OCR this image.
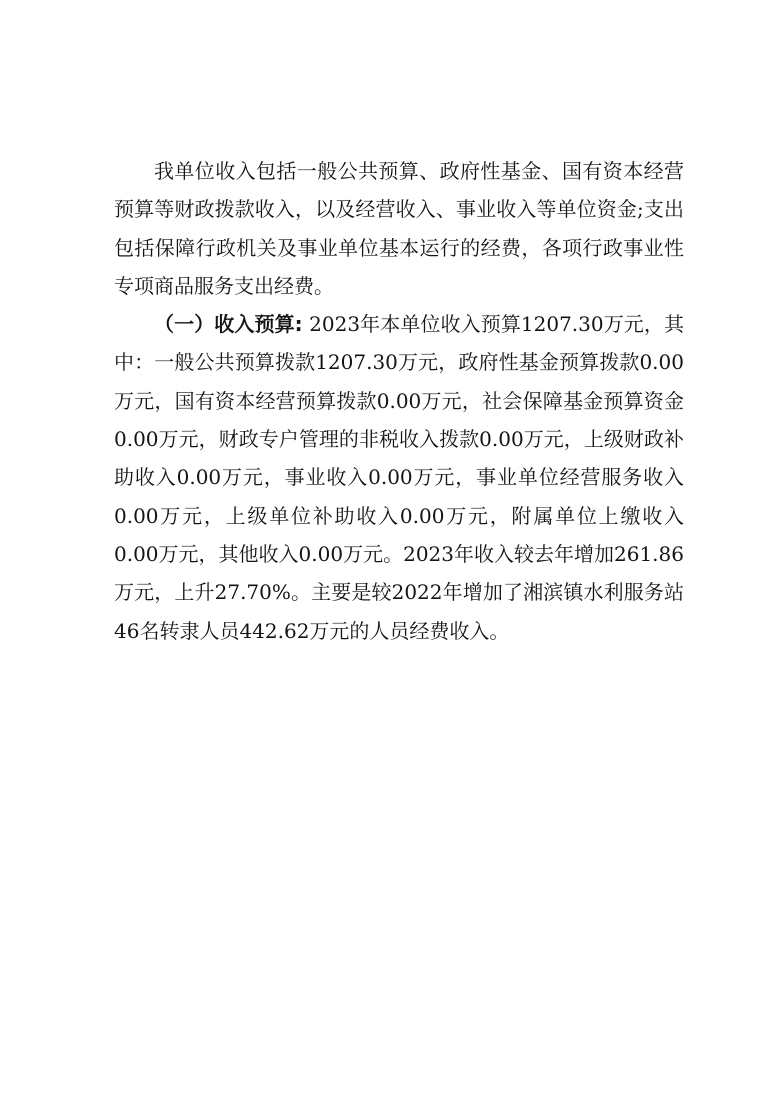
我单位收入包括一般公共预算、政府性基金、国有资本经营预算等财政拨款收入，以及经营收入、事业收入等单位资金;支出包括保障行政机关及事业单位基本运行的经费，各项行政事业性专项商品服务支出经费。

（一）收入预算: 2023年本单位收入预算1207.30万元，其中：一般公共预算拨款1207.30万元，政府性基金预算拨款0.00万元，国有资本经营预算拨款0.00万元，社会保障基金预算资金0.00万元，财政专户管理的非税收入拨款0.00万元，上级财政补助收入0.00万元，事业收入0.00万元，事业单位经营服务收入0.00万元，上级单位补助收入0.00万元，附属单位上缴收入0.00万元，其他收入0.00万元。2023年收入较去年增加261.86万元，上升27.70%。主要是较2022年增加了湘滨镇水利服务站46名转隶人员442.62万元的人员经费收入。
